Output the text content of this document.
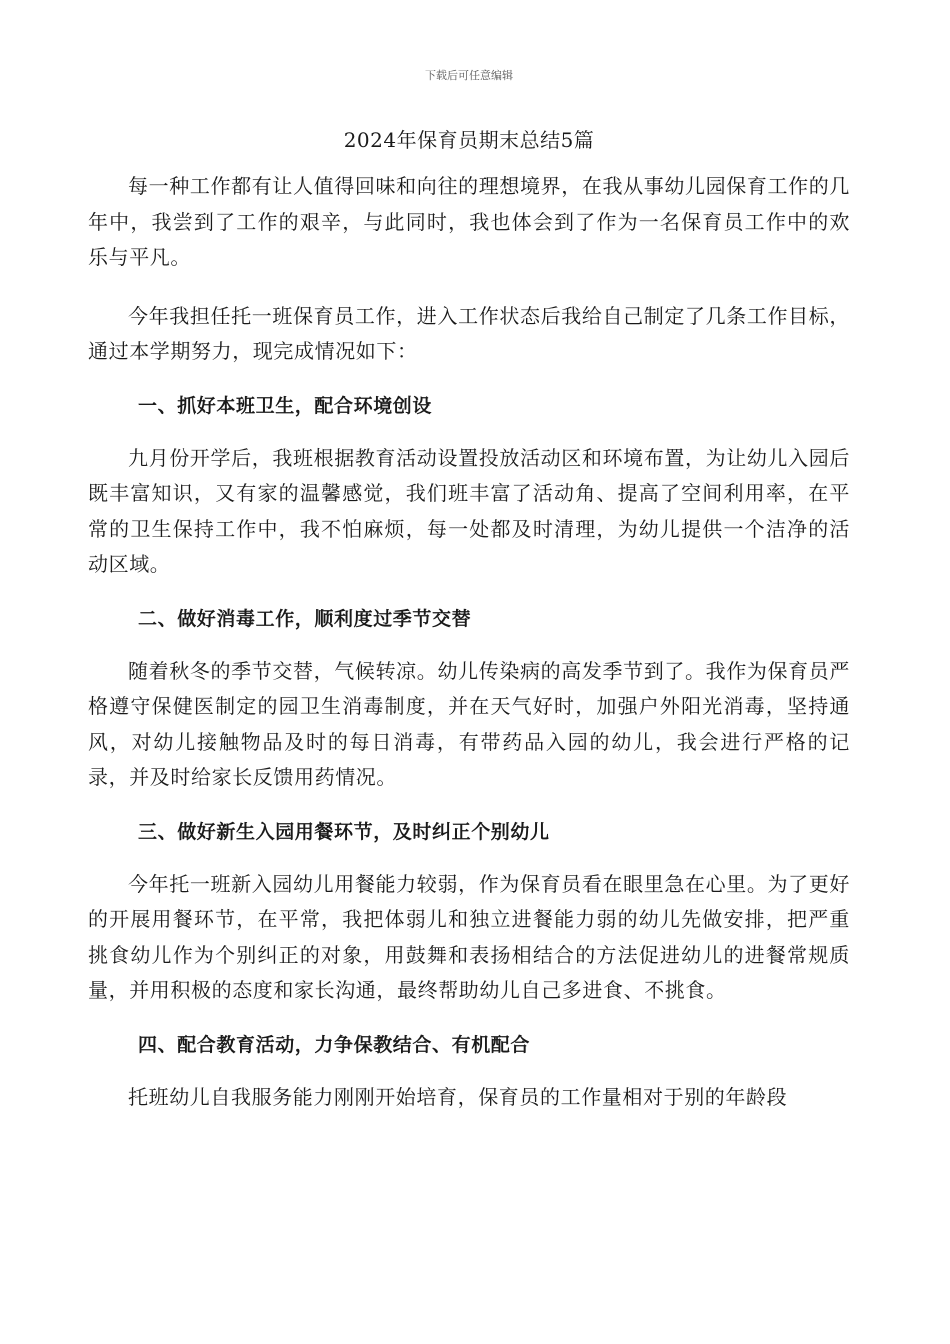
下载后可任意编辑
2024年保育员期末总结5篇

每一种工作都有让人值得回味和向往的理想境界，在我从事幼儿园保育工作的几年中，我尝到了工作的艰辛，与此同时，我也体会到了作为一名保育员工作中的欢乐与平凡。

今年我担任托一班保育员工作，进入工作状态后我给自己制定了几条工作目标，通过本学期努力，现完成情况如下：

一、抓好本班卫生，配合环境创设

九月份开学后，我班根据教育活动设置投放活动区和环境布置，为让幼儿入园后既丰富知识，又有家的温馨感觉，我们班丰富了活动角、提高了空间利用率，在平常的卫生保持工作中，我不怕麻烦，每一处都及时清理，为幼儿提供一个洁净的活动区域。

二、做好消毒工作，顺利度过季节交替

随着秋冬的季节交替，气候转凉。幼儿传染病的高发季节到了。我作为保育员严格遵守保健医制定的园卫生消毒制度，并在天气好时，加强户外阳光消毒，坚持通风，对幼儿接触物品及时的每日消毒，有带药品入园的幼儿，我会进行严格的记录，并及时给家长反馈用药情况。

三、做好新生入园用餐环节，及时纠正个别幼儿

今年托一班新入园幼儿用餐能力较弱，作为保育员看在眼里急在心里。为了更好的开展用餐环节，在平常，我把体弱儿和独立进餐能力弱的幼儿先做安排，把严重挑食幼儿作为个别纠正的对象，用鼓舞和表扬相结合的方法促进幼儿的进餐常规质量，并用积极的态度和家长沟通，最终帮助幼儿自己多进食、不挑食。

四、配合教育活动，力争保教结合、有机配合

托班幼儿自我服务能力刚刚开始培育，保育员的工作量相对于别的年龄段
